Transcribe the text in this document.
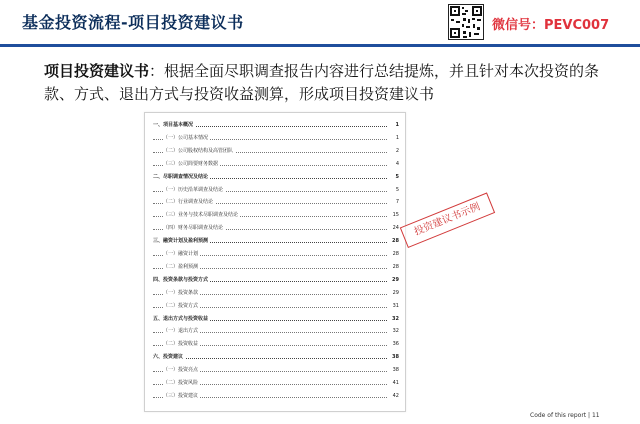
基金投资流程-项目投资建议书	微信号：PEVC007

项目投资建议书：根据全面尽职调查报告内容进行总结提炼，并且针对本次投资的条款、方式、退出方式与投资收益测算，形成项目投资建议书

一、项目基本概况	1
（一）公司基本情况	1
（二）公司股权结构及高管团队	2
（三）公司简要财务数据	4
二、尽职调查情况及结论	5
（一）历史沿革调查及结论	5
（二）行业调查及结论	7
（三）业务与技术尽职调查及结论	15
（四）财务尽职调查及结论	24
三、融资计划及盈利预测	28
（一）融资计划	28
（二）盈利预测	28
四、投资条款与投资方式	29
（一）投资条款	29
（二）投资方式	31
五、退出方式与投资收益	32
（一）退出方式	32
（二）投资收益	36
六、投资建议	38
（一）投资亮点	38
（二）投资风险	41
（三）投资建议	42
投资建议书示例
Code of this report | 11
